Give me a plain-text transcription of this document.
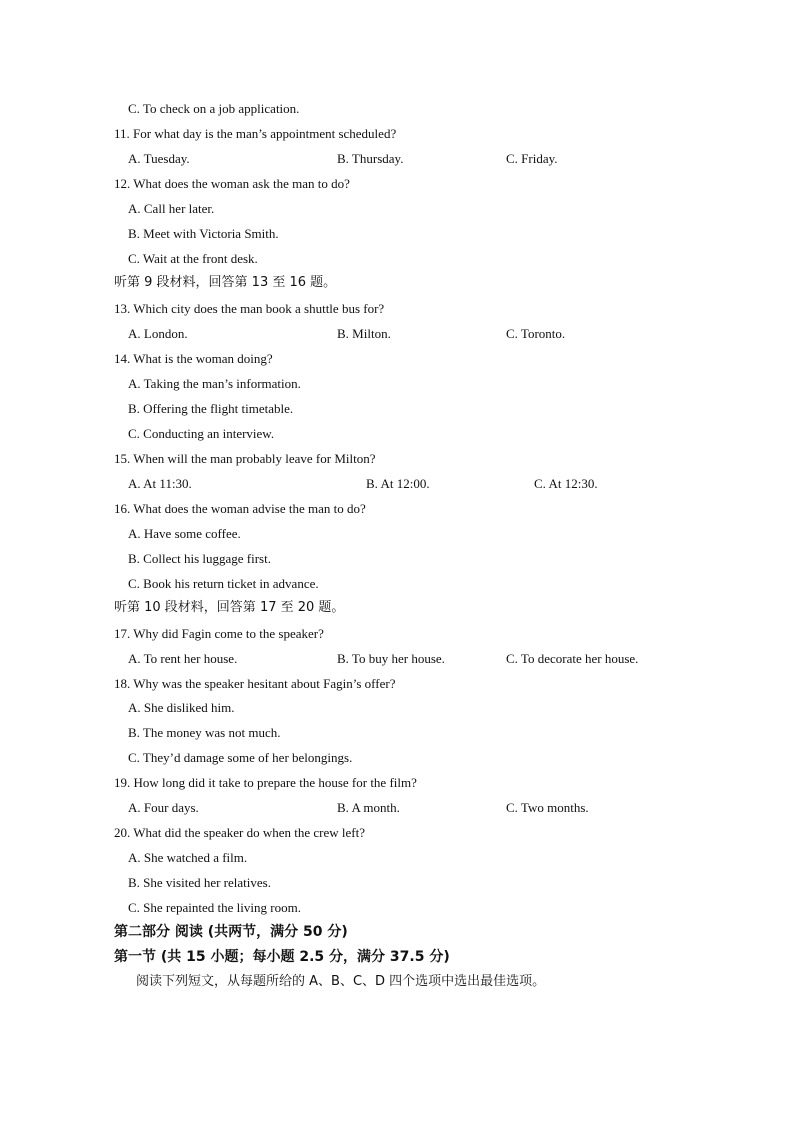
C. To check on a job application.
11. For what day is the man’s appointment scheduled?
A. Tuesday.	B. Thursday.	C. Friday.
12. What does the woman ask the man to do?
A. Call her later.
B. Meet with Victoria Smith.
C. Wait at the front desk.
听第 9 段材料，回答第 13 至 16 题。
13. Which city does the man book a shuttle bus for?
A. London.	B. Milton.	C. Toronto.
14. What is the woman doing?
A. Taking the man’s information.
B. Offering the flight timetable.
C. Conducting an interview.
15. When will the man probably leave for Milton?
A. At 11:30.	B. At 12:00.	C. At 12:30.
16. What does the woman advise the man to do?
A. Have some coffee.
B. Collect his luggage first.
C. Book his return ticket in advance.
听第 10 段材料，回答第 17 至 20 题。
17. Why did Fagin come to the speaker?
A. To rent her house.	B. To buy her house.	C. To decorate her house.
18. Why was the speaker hesitant about Fagin’s offer?
A. She disliked him.
B. The money was not much.
C. They’d damage some of her belongings.
19. How long did it take to prepare the house for the film?
A. Four days.	B. A month.	C. Two months.
20. What did the speaker do when the crew left?
A. She watched a film.
B. She visited her relatives.
C. She repainted the living room.
第二部分 阅读 (共两节，满分 50 分)
第一节 (共 15 小题；每小题 2.5 分，满分 37.5 分)
阅读下列短文，从每题所给的 A、B、C、D 四个选项中选出最佳选项。
